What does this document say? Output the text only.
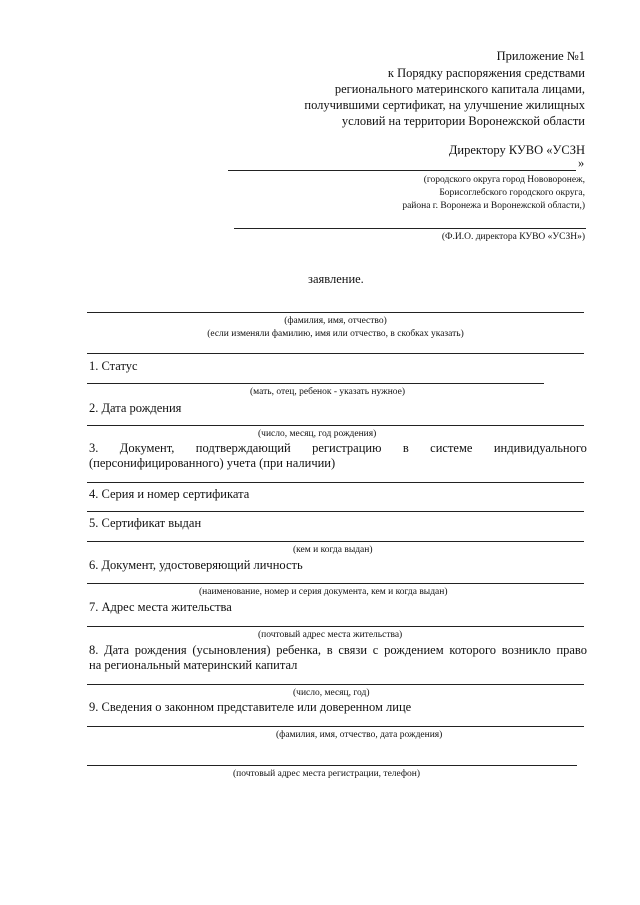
Приложение №1
к Порядку распоряжения средствами
регионального материнского капитала лицами,
получившими сертификат, на улучшение жилищных
условий на территории Воронежской области
Директору КУВО «УСЗН
»
(городского округа город Нововоронеж,
Борисоглебского городского округа,
района г. Воронежа и Воронежской области,)
(Ф.И.О. директора КУВО «УСЗН»)
заявление.
(фамилия, имя, отчество)
(если изменяли фамилию, имя или отчество, в скобках указать)
1. Статус
(мать, отец, ребенок - указать нужное)
2. Дата рождения
(число, месяц, год рождения)
3. Документ, подтверждающий регистрацию в системе индивидуального
(персонифицированного) учета (при наличии)
4. Серия и номер сертификата
5. Сертификат выдан
(кем и когда выдан)
6. Документ, удостоверяющий личность
(наименование, номер и серия документа, кем и когда выдан)
7. Адрес места жительства
(почтовый адрес места жительства)
8. Дата рождения (усыновления) ребенка, в связи с рождением которого возникло право
на региональный материнский капитал
(число, месяц, год)
9. Сведения о законном представителе или доверенном лице
(фамилия, имя, отчество, дата рождения)
(почтовый адрес места регистрации, телефон)
